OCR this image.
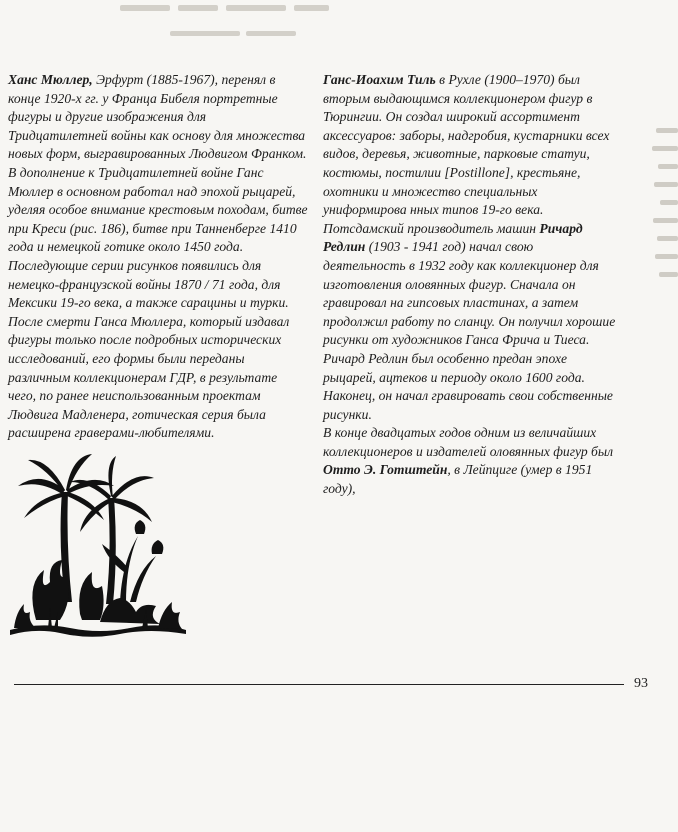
Ханс Мюллер, Эрфурт (1885-1967), перенял в конце 1920-х гг. у Франца Бибеля портретные фигуры и другие изображения для Тридцатилетней войны как основу для множества новых форм, выгравированных Людвигом Франком.

В дополнение к Тридцатилетней войне Ганс Мюллер в основном работал над эпохой рыцарей, уделяя особое внимание крестовым походам, битве при Креси (рис. 186), битве при Танненберге 1410 года и немецкой готике около 1450 года. Последующие серии рисунков появились для немецко-французской войны 1870 / 71 года, для Мексики 19-го века, а также сарацины и турки. После смерти Ганса Мюллера, который издавал фигуры только после подробных исторических исследований, его формы были переданы различным коллекционерам ГДР, в результате чего, по ранее неиспользованным проектам Людвига Мадленера, готическая серия была расширена граверами-любителями.

Ганс-Иоахим Тиль в Рухле (1900–1970) был вторым выдающимся коллекционером фигур в Тюрингии. Он создал широкий ассортимент аксессуаров: заборы, надгробия, кустарники всех видов, деревья, животные, парковые статуи, костюмы, постилии [Postillone], крестьяне, охотники и множество специальных униформирова нных типов 19-го века.

Потсдамский производитель машин Ричард Редлин (1903 - 1941 год) начал свою деятельность в 1932 году как коллекционер для изготовления оловянных фигур. Сначала он гравировал на гипсовых пластинах, а затем продолжил работу по сланцу. Он получил хорошие рисунки от художников Ганса Фрича и Тиеса. Ричард Редлин был особенно предан эпохе рыцарей, ацтеков и периоду около 1600 года. Наконец, он начал гравировать свои собственные рисунки.

В конце двадцатых годов одним из величайших коллекционеров и издателей оловянных фигур был Отто Э. Готштейн, в Лейпциге (умер в 1951 году),

93
